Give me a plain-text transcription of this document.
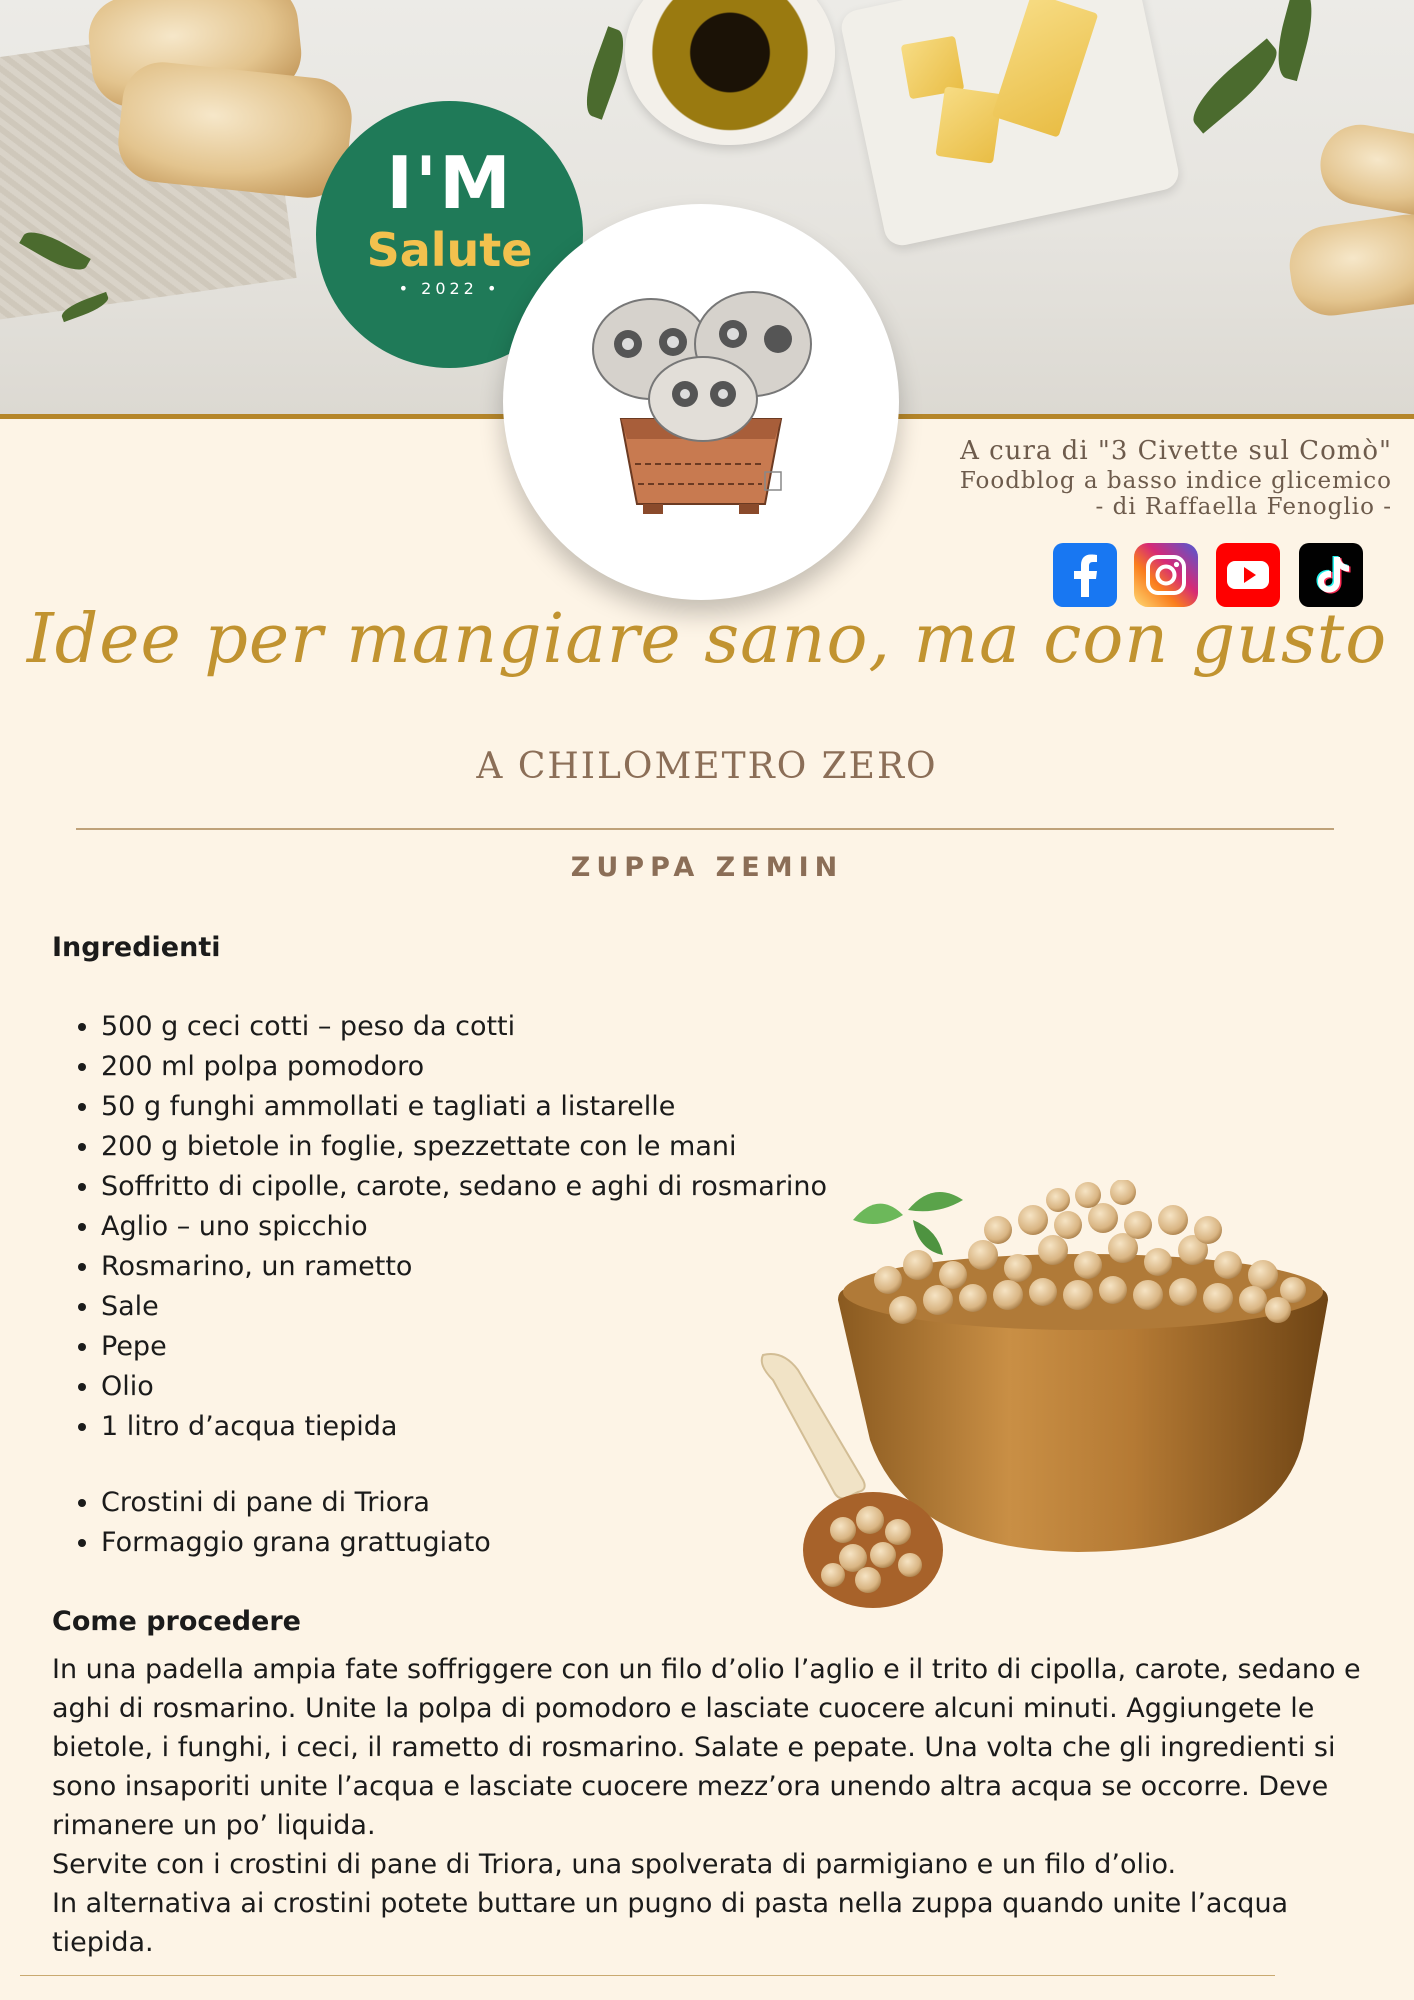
I'M
Salute
• 2022 •
A cura di "3 Civette sul Comò"
Foodblog a basso indice glicemico
- di Raffaella Fenoglio -
Idee per mangiare sano, ma con gusto
A CHILOMETRO ZERO
ZUPPA ZEMIN
Ingredienti
• 500 g ceci cotti – peso da cotti
• 200 ml polpa pomodoro
• 50 g funghi ammollati e tagliati a listarelle
• 200 g bietole in foglie, spezzettate con le mani
• Soffritto di cipolle, carote, sedano e aghi di rosmarino
• Aglio – uno spicchio
• Rosmarino, un rametto
• Sale
• Pepe
• Olio
• 1 litro d’acqua tiepida
• Crostini di pane di Triora
• Formaggio grana grattugiato
Come procedere

In una padella ampia fate soffriggere con un filo d’olio l’aglio e il trito di cipolla, carote, sedano e aghi di rosmarino. Unite la polpa di pomodoro e lasciate cuocere alcuni minuti. Aggiungete le bietole, i funghi, i ceci, il rametto di rosmarino. Salate e pepate. Una volta che gli ingredienti si sono insaporiti unite l’acqua e lasciate cuocere mezz’ora unendo altra acqua se occorre. Deve rimanere un po’ liquida.

Servite con i crostini di pane di Triora, una spolverata di parmigiano e un filo d’olio.

In alternativa ai crostini potete buttare un pugno di pasta nella zuppa quando unite l’acqua tiepida.
